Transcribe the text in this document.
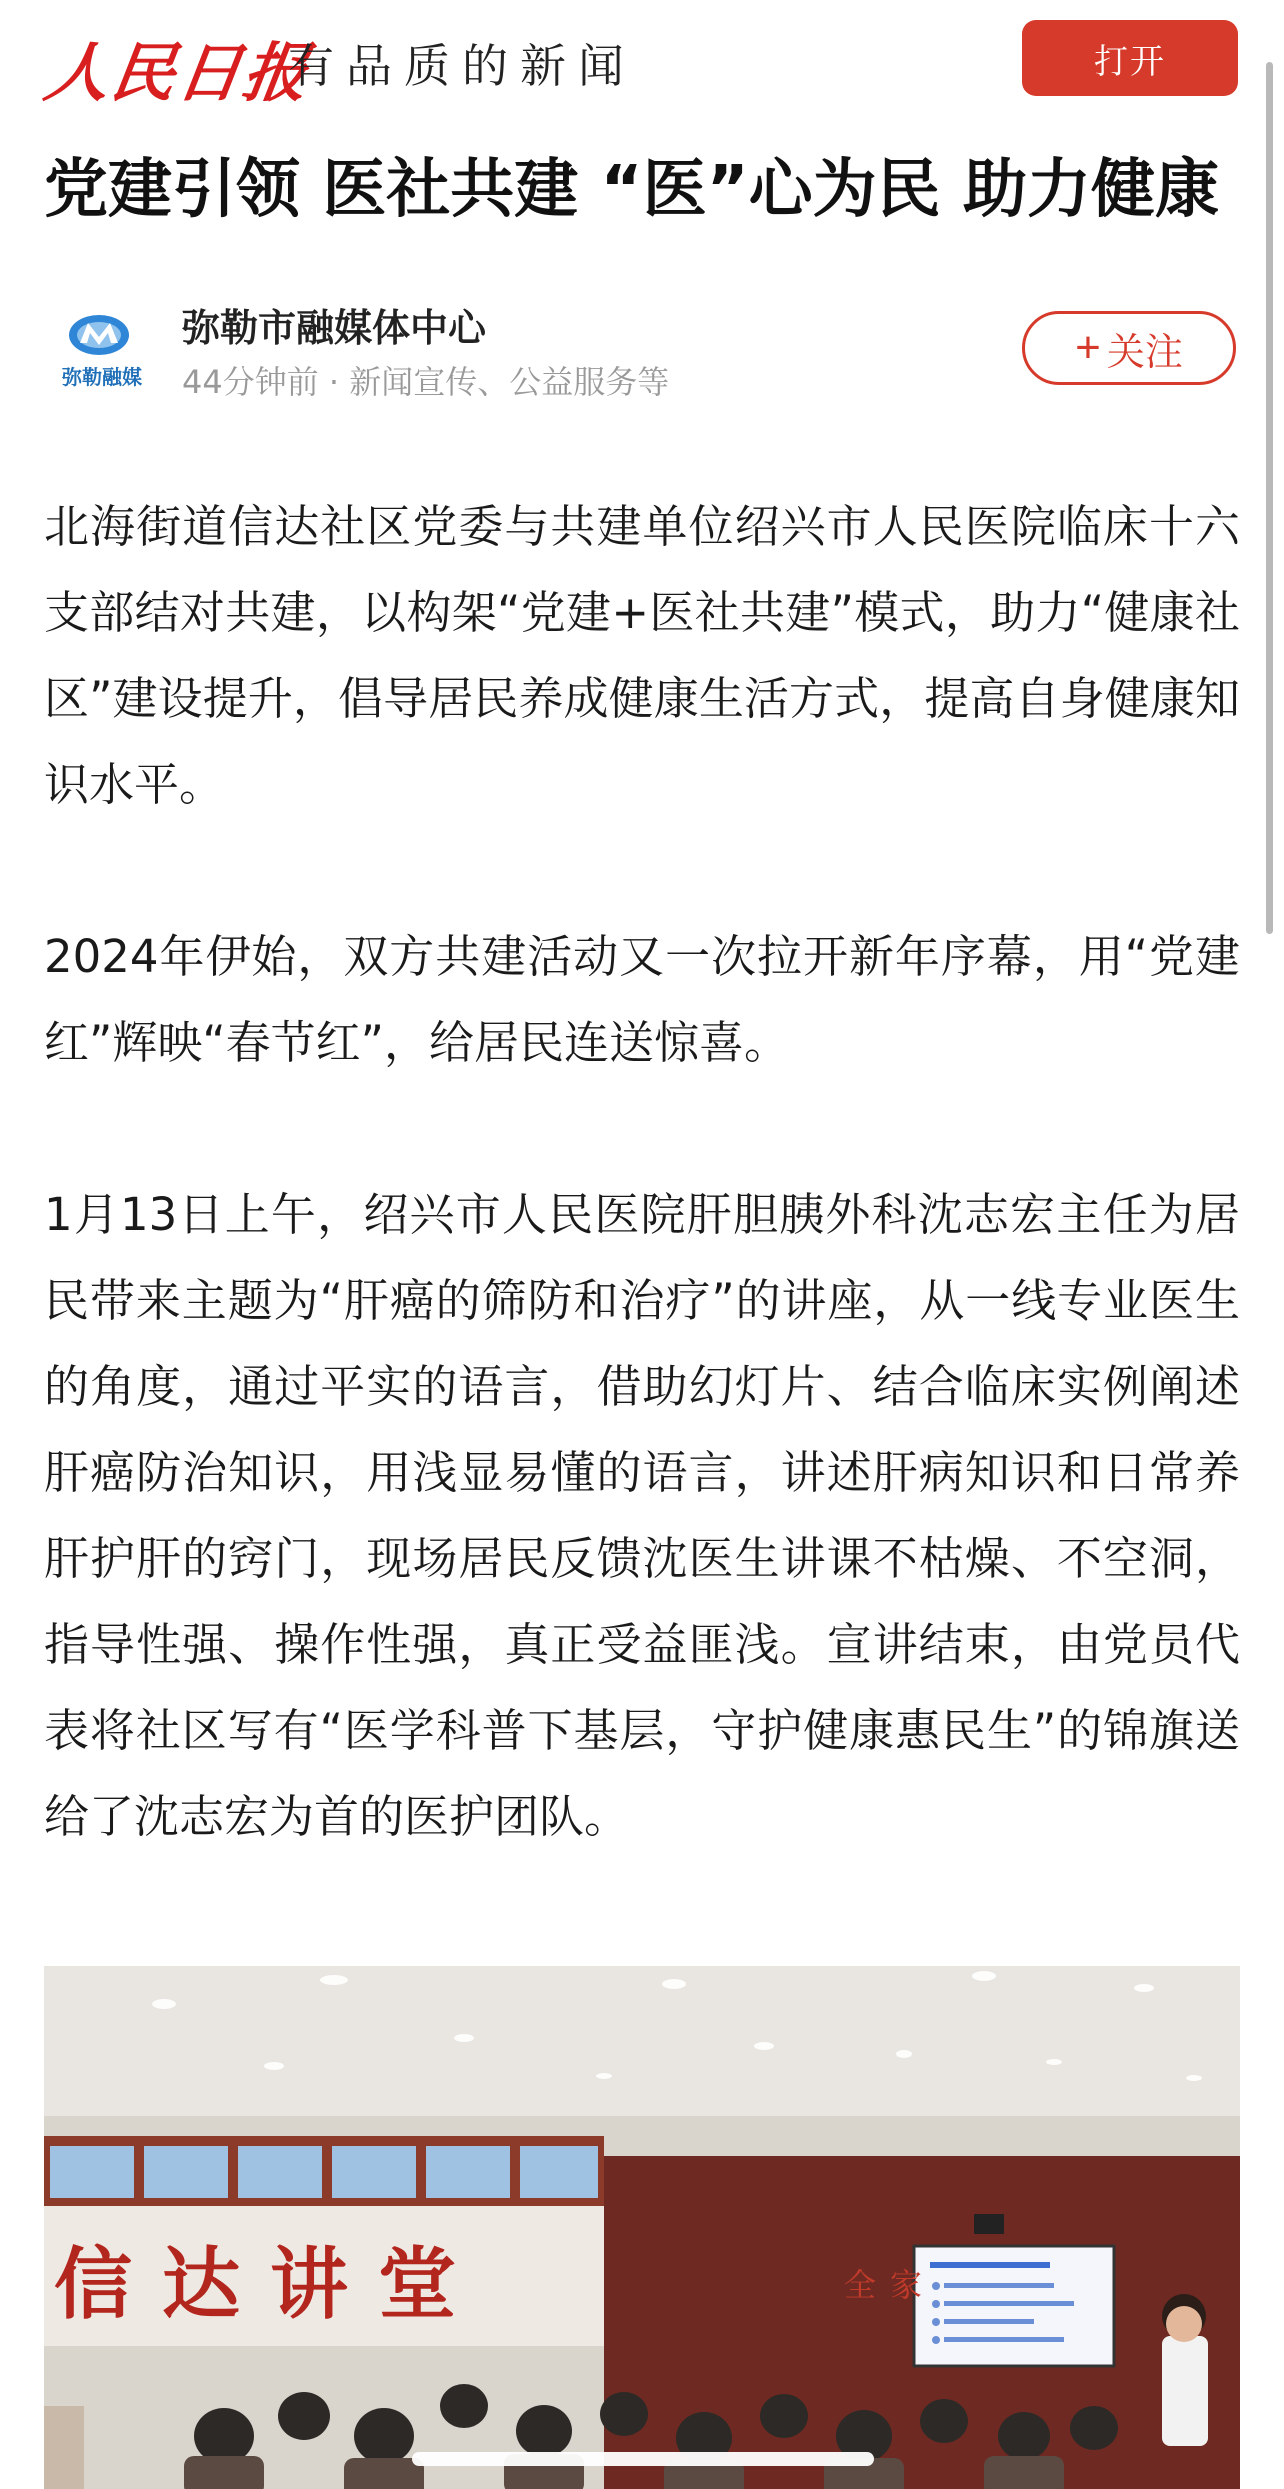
人民日报
有品质的新闻	打开
党建引领 医社共建 “医”心为民 助力健康
弥勒融媒
弥勒市融媒体中心
44分钟前 · 新闻宣传、公益服务等
+ 关注

北海街道信达社区党委与共建单位绍兴市人民医院临床十六支部结对共建，以构架“党建+医社共建”模式，助力“健康社区”建设提升，倡导居民养成健康生活方式，提高自身健康知识水平。

2024年伊始，双方共建活动又一次拉开新年序幕，用“党建红”辉映“春节红”，给居民连送惊喜。

1月13日上午，绍兴市人民医院肝胆胰外科沈志宏主任为居民带来主题为“肝癌的筛防和治疗”的讲座，从一线专业医生的角度，通过平实的语言，借助幻灯片、结合临床实例阐述肝癌防治知识，用浅显易懂的语言，讲述肝病知识和日常养肝护肝的窍门，现场居民反馈沈医生讲课不枯燥、不空洞，指导性强、操作性强，真正受益匪浅。宣讲结束，由党员代表将社区写有“医学科普下基层，守护健康惠民生”的锦旗送给了沈志宏为首的医护团队。

信达讲堂	全家
